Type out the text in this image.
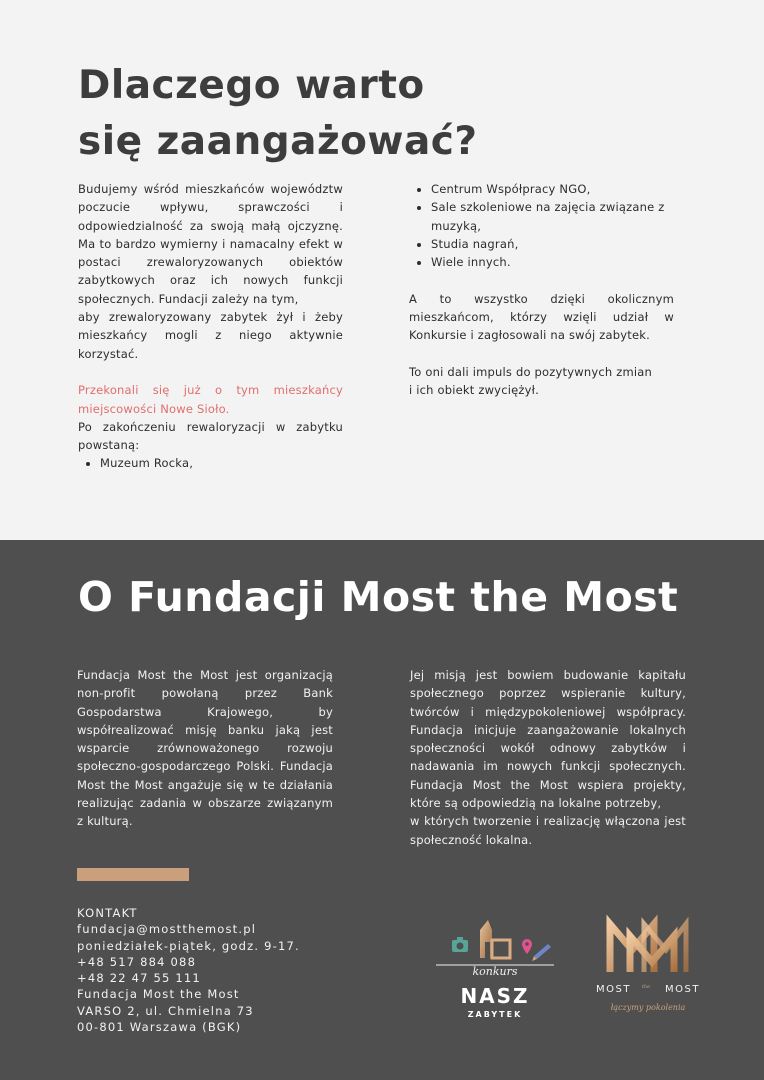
Dlaczego warto się zaangażować?

Budujemy wśród mieszkańców województw poczucie wpływu, sprawczości i odpowiedzialność za swoją małą ojczyznę. Ma to bardzo wymierny i namacalny efekt w postaci zrewaloryzowanych obiektów zabytkowych oraz ich nowych funkcji społecznych. Fundacji zależy na tym,

aby zrewaloryzowany zabytek żył i żeby mieszkańcy mogli z niego aktywnie korzystać.

Przekonali się już o tym mieszkańcy miejscowości Nowe Sioło.

Po zakończeniu rewaloryzacji w zabytku powstaną:

• Muzeum Rocka,
• Centrum Współpracy NGO,
• Sale szkoleniowe na zajęcia związane z muzyką,
• Studia nagrań,
• Wiele innych.

A to wszystko dzięki okolicznym mieszkańcom, którzy wzięli udział w Konkursie i zagłosowali na swój zabytek.

To oni dali impuls do pozytywnych zmian

i ich obiekt zwyciężył.

O Fundacji Most the Most

Fundacja Most the Most jest organizacją non-profit powołaną przez Bank Gospodarstwa Krajowego, by współrealizować misję banku jaką jest wsparcie zrównoważonego rozwoju społeczno-gospodarczego Polski. Fundacja Most the Most angażuje się w te działania realizując zadania w obszarze związanym z kulturą.

Jej misją jest bowiem budowanie kapitału społecznego poprzez wspieranie kultury, twórców i międzypokoleniowej współpracy. Fundacja inicjuje zaangażowanie lokalnych społeczności wokół odnowy zabytków i nadawania im nowych funkcji społecznych. Fundacja Most the Most wspiera projekty, które są odpowiedzią na lokalne potrzeby,

w których tworzenie i realizację włączona jest społeczność lokalna.

KONTAKT
fundacja@mostthemost.pl
poniedziałek-piątek, godz. 9-17.
+48 517 884 088
+48 22 47 55 111
Fundacja Most the Most
VARSO 2, ul. Chmielna 73
00-801 Warszawa (BGK)
konkurs
NASZ
ZABYTEK
MOST the MOST
łączymy pokolenia
